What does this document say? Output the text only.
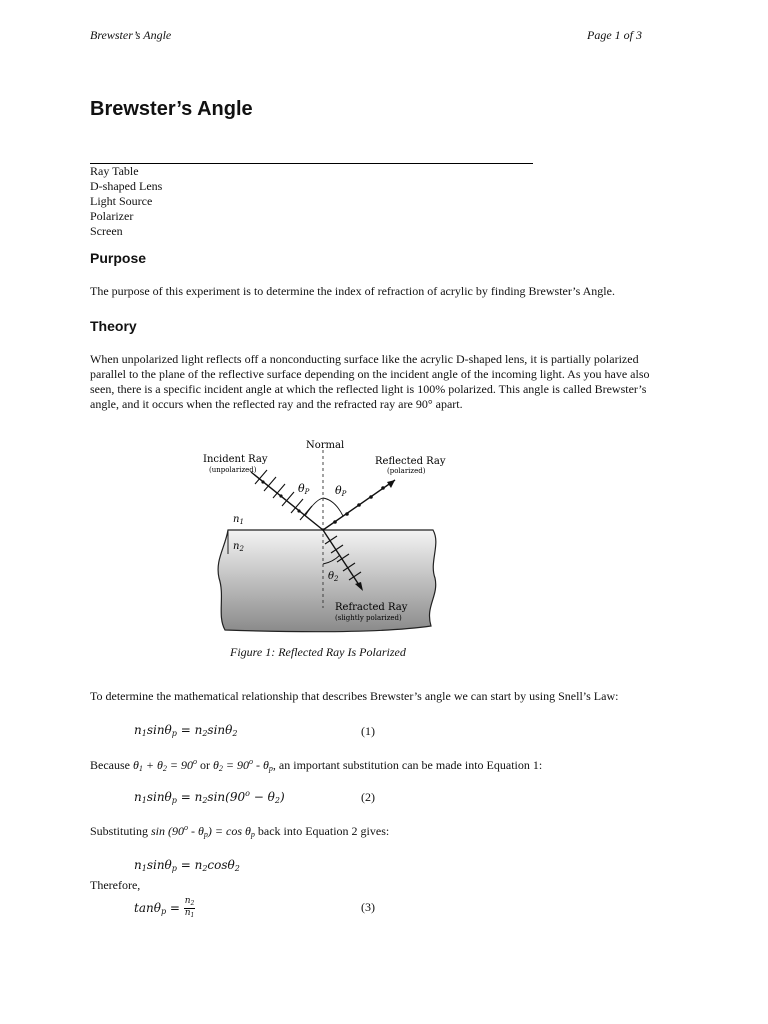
Brewster’s Angle	Page 1 of 3
Brewster’s Angle
Ray Table
D-shaped Lens
Light Source
Polarizer
Screen
Purpose
The purpose of this experiment is to determine the index of refraction of acrylic by finding Brewster’s Angle.
Theory
When unpolarized light reflects off a nonconducting surface like the acrylic D-shaped lens, it is partially polarized
parallel to the plane of the reflective surface depending on the incident angle of the incoming light. As you have also
seen, there is a specific incident angle at which the reflected light is 100% polarized. This angle is called Brewster’s
angle, and it occurs when the reflected ray and the refracted ray are 90° apart.
Normal
Incident Ray
(unpolarized)
Reflected Ray
(polarized)
θP θP
$n_1$
$n_2$
$\theta_2$
Refracted Ray
(slightly polarized)
Figure 1: Reflected Ray Is Polarized
To determine the mathematical relationship that describes Brewster’s angle we can start by using Snell’s Law:
$n_1\sin\theta_p = n_2\sin\theta_2$	(1)
Because $\theta_1 + \theta_2 = 90^o$ or $\theta_2 = 90^o - \theta_p$, an important substitution can be made into Equation 1:
$n_1\sin\theta_p = n_2\sin(90^o - \theta_2)$	(2)
Substituting $\sin (90^o - \theta_p) = \cos \theta_p$ back into Equation 2 gives:
$n_1\sin\theta_p = n_2\cos\theta_2$
Therefore,
$\tan\theta_p = \frac{n_2}{n_1}$	(3)
